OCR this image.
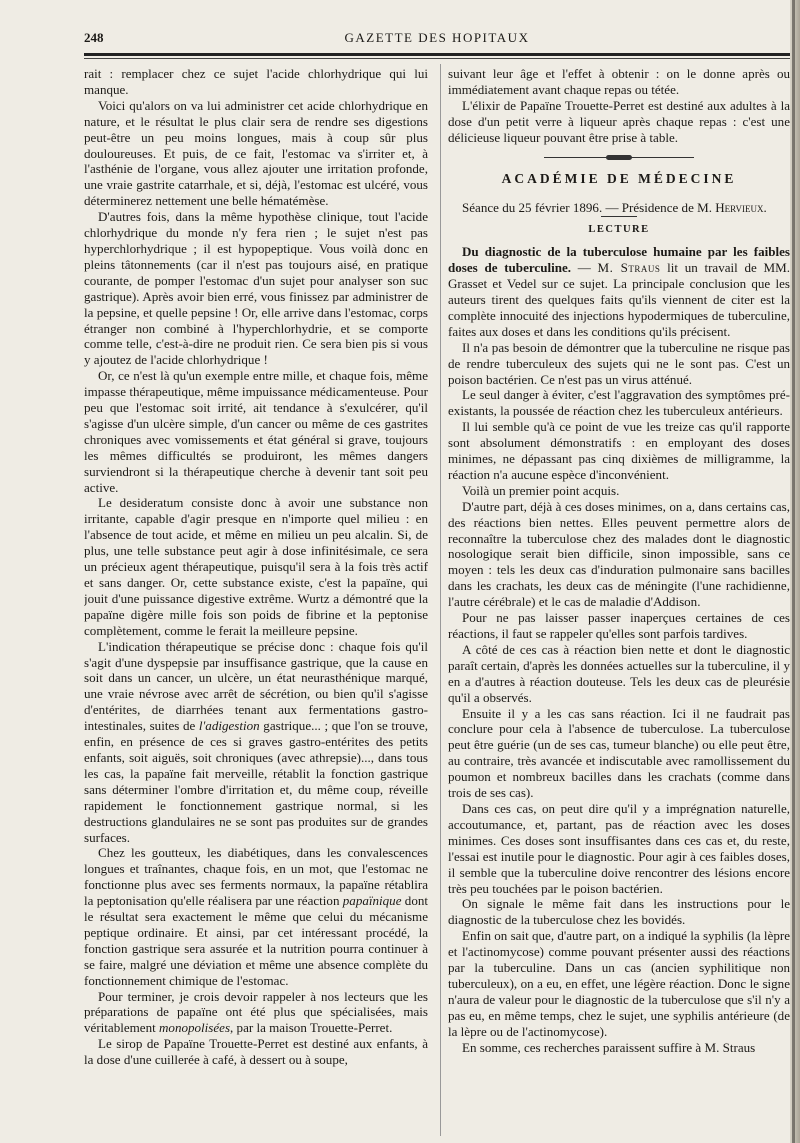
248	GAZETTE DES HOPITAUX

rait : remplacer chez ce sujet l'acide chlorhydrique qui lui manque.

Voici qu'alors on va lui administrer cet acide chlorhydrique en nature, et le résultat le plus clair sera de rendre ses digestions peut-être un peu moins longues, mais à coup sûr plus douloureuses. Et puis, de ce fait, l'estomac va s'irriter et, à l'asthénie de l'organe, vous allez ajouter une irritation profonde, une vraie gastrite catarrhale, et si, déjà, l'estomac est ulcéré, vous déterminerez nettement une belle hématémèse.

D'autres fois, dans la même hypothèse clinique, tout l'acide chlorhydrique du monde n'y fera rien ; le sujet n'est pas hyperchlorhydrique ; il est hypopeptique. Vous voilà donc en pleins tâtonnements (car il n'est pas toujours aisé, en pratique courante, de pomper l'estomac d'un sujet pour analyser son suc gastrique). Après avoir bien erré, vous finissez par administrer de la pepsine, et quelle pepsine ! Or, elle arrive dans l'estomac, corps étranger non combiné à l'hyperchlorhydrie, et se comporte comme telle, c'est-à-dire ne produit rien. Ce sera bien pis si vous y ajoutez de l'acide chlorhydrique !

Or, ce n'est là qu'un exemple entre mille, et chaque fois, même impasse thérapeutique, même impuissance médicamenteuse. Pour peu que l'estomac soit irrité, ait tendance à s'exulcérer, qu'il s'agisse d'un ulcère simple, d'un cancer ou même de ces gastrites chroniques avec vomissements et état général si grave, toujours les mêmes difficultés se produiront, les mêmes dangers surviendront si la thérapeutique cherche à devenir tant soit peu active.

Le desideratum consiste donc à avoir une substance non irritante, capable d'agir presque en n'importe quel milieu : en l'absence de tout acide, et même en milieu un peu alcalin. Si, de plus, une telle substance peut agir à dose infinitésimale, ce sera un précieux agent thérapeutique, puisqu'il sera à la fois très actif et sans danger. Or, cette substance existe, c'est la papaïne, qui jouit d'une puissance digestive extrême. Wurtz a démontré que la papaïne digère mille fois son poids de fibrine et la peptonise complètement, comme le ferait la meilleure pepsine.

L'indication thérapeutique se précise donc : chaque fois qu'il s'agit d'une dyspepsie par insuffisance gastrique, que la cause en soit dans un cancer, un ulcère, un état neurasthénique marqué, une vraie névrose avec arrêt de sécrétion, ou bien qu'il s'agisse d'entérites, de diarrhées tenant aux fermentations gastro-intestinales, suites de l'adigestion gastrique... ; que l'on se trouve, enfin, en présence de ces si graves gastro-entérites des petits enfants, soit aiguës, soit chroniques (avec athrepsie)..., dans tous les cas, la papaïne fait merveille, rétablit la fonction gastrique sans déterminer l'ombre d'irritation et, du même coup, réveille rapidement le fonctionnement gastrique normal, si les destructions glandulaires ne se sont pas produites sur de grandes surfaces.

Chez les goutteux, les diabétiques, dans les convalescences longues et traînantes, chaque fois, en un mot, que l'estomac ne fonctionne plus avec ses ferments normaux, la papaïne rétablira la peptonisation qu'elle réalisera par une réaction papaïnique dont le résultat sera exactement le même que celui du mécanisme peptique ordinaire. Et ainsi, par cet intéressant procédé, la fonction gastrique sera assurée et la nutrition pourra continuer à se faire, malgré une déviation et même une absence complète du fonctionnement chimique de l'estomac.

Pour terminer, je crois devoir rappeler à nos lecteurs que les préparations de papaïne ont été plus que spécialisées, mais véritablement monopolisées, par la maison Trouette-Perret.

Le sirop de Papaïne Trouette-Perret est destiné aux enfants, à la dose d'une cuillerée à café, à dessert ou à soupe,

suivant leur âge et l'effet à obtenir : on le donne après ou immédiatement avant chaque repas ou tétée.

L'élixir de Papaïne Trouette-Perret est destiné aux adultes à la dose d'un petit verre à liqueur après chaque repas : c'est une délicieuse liqueur pouvant être prise à table.

ACADÉMIE DE MÉDECINE

Séance du 25 février 1896. — Présidence de M. Hervieux.

LECTURE

Du diagnostic de la tuberculose humaine par les faibles doses de tuberculine. — M. Straus lit un travail de MM. Grasset et Vedel sur ce sujet. La principale conclusion que les auteurs tirent des quelques faits qu'ils viennent de citer est la complète innocuité des injections hypodermiques de tuberculine, faites aux doses et dans les conditions qu'ils précisent.

Il n'a pas besoin de démontrer que la tuberculine ne risque pas de rendre tuberculeux des sujets qui ne le sont pas. C'est un poison bactérien. Ce n'est pas un virus atténué.

Le seul danger à éviter, c'est l'aggravation des symptômes pré-existants, la poussée de réaction chez les tuberculeux antérieurs.

Il lui semble qu'à ce point de vue les treize cas qu'il rapporte sont absolument démonstratifs : en employant des doses minimes, ne dépassant pas cinq dixièmes de milligramme, la réaction n'a aucune espèce d'inconvénient.

Voilà un premier point acquis.

D'autre part, déjà à ces doses minimes, on a, dans certains cas, des réactions bien nettes. Elles peuvent permettre alors de reconnaître la tuberculose chez des malades dont le diagnostic nosologique serait bien difficile, sinon impossible, sans ce moyen : tels les deux cas d'induration pulmonaire sans bacilles dans les crachats, les deux cas de méningite (l'une rachidienne, l'autre cérébrale) et le cas de maladie d'Addison.

Pour ne pas laisser passer inaperçues certaines de ces réactions, il faut se rappeler qu'elles sont parfois tardives.

A côté de ces cas à réaction bien nette et dont le diagnostic paraît certain, d'après les données actuelles sur la tuberculine, il y en a d'autres à réaction douteuse. Tels les deux cas de pleurésie qu'il a observés.

Ensuite il y a les cas sans réaction. Ici il ne faudrait pas conclure pour cela à l'absence de tuberculose. La tuberculose peut être guérie (un de ses cas, tumeur blanche) ou elle peut être, au contraire, très avancée et indiscutable avec ramollissement du poumon et nombreux bacilles dans les crachats (comme dans trois de ses cas).

Dans ces cas, on peut dire qu'il y a imprégnation naturelle, accoutumance, et, partant, pas de réaction avec les doses minimes. Ces doses sont insuffisantes dans ces cas et, du reste, l'essai est inutile pour le diagnostic. Pour agir à ces faibles doses, il semble que la tuberculine doive rencontrer des lésions encore très peu touchées par le poison bactérien.

On signale le même fait dans les instructions pour le diagnostic de la tuberculose chez les bovidés.

Enfin on sait que, d'autre part, on a indiqué la syphilis (la lèpre et l'actinomycose) comme pouvant présenter aussi des réactions par la tuberculine. Dans un cas (ancien syphilitique non tuberculeux), on a eu, en effet, une légère réaction. Donc le signe n'aura de valeur pour le diagnostic de la tuberculose que s'il n'y a pas eu, en même temps, chez le sujet, une syphilis antérieure (de la lèpre ou de l'actinomycose).

En somme, ces recherches paraissent suffire à M. Straus
